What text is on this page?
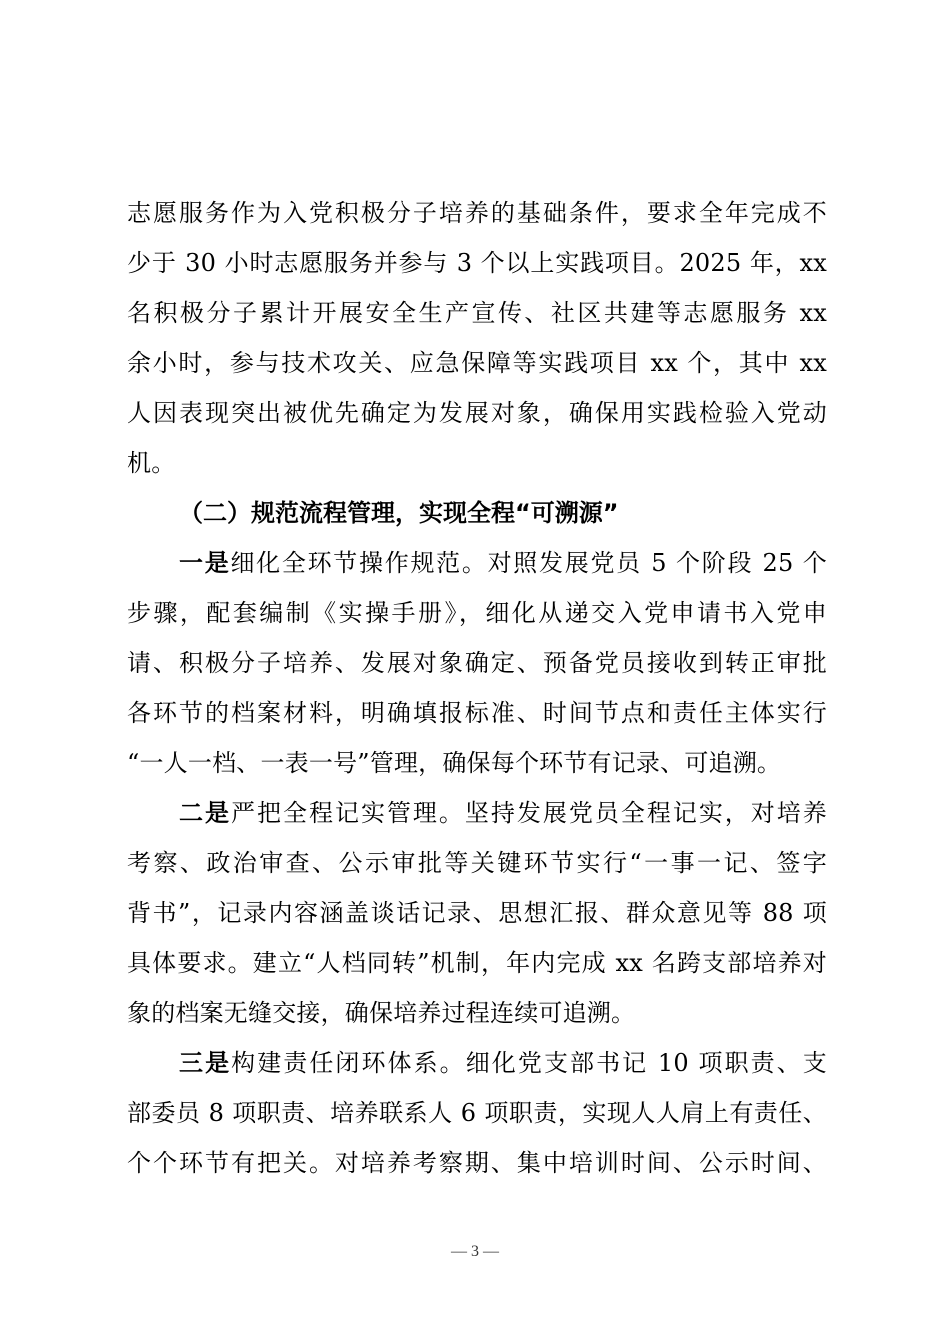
志愿服务作为入党积极分子培养的基础条件，要求全年完成不
少于 30 小时志愿服务并参与 3 个以上实践项目。2025 年，xx
名积极分子累计开展安全生产宣传、社区共建等志愿服务 xx
余小时，参与技术攻关、应急保障等实践项目 xx 个，其中 xx
人因表现突出被优先确定为发展对象，确保用实践检验入党动
机。
（二）规范流程管理，实现全程“可溯源”
一是细化全环节操作规范。对照发展党员 5 个阶段 25 个
步骤，配套编制《实操手册》，细化从递交入党申请书入党申
请、积极分子培养、发展对象确定、预备党员接收到转正审批
各环节的档案材料，明确填报标准、时间节点和责任主体实行
“一人一档、一表一号”管理，确保每个环节有记录、可追溯。
二是严把全程记实管理。坚持发展党员全程记实，对培养
考察、政治审查、公示审批等关键环节实行“一事一记、签字
背书”，记录内容涵盖谈话记录、思想汇报、群众意见等 88 项
具体要求。建立“人档同转”机制，年内完成 xx 名跨支部培养对
象的档案无缝交接，确保培养过程连续可追溯。
三是构建责任闭环体系。细化党支部书记 10 项职责、支
部委员 8 项职责、培养联系人 6 项职责，实现人人肩上有责任、
个个环节有把关。对培养考察期、集中培训时间、公示时间、
— 3 —
